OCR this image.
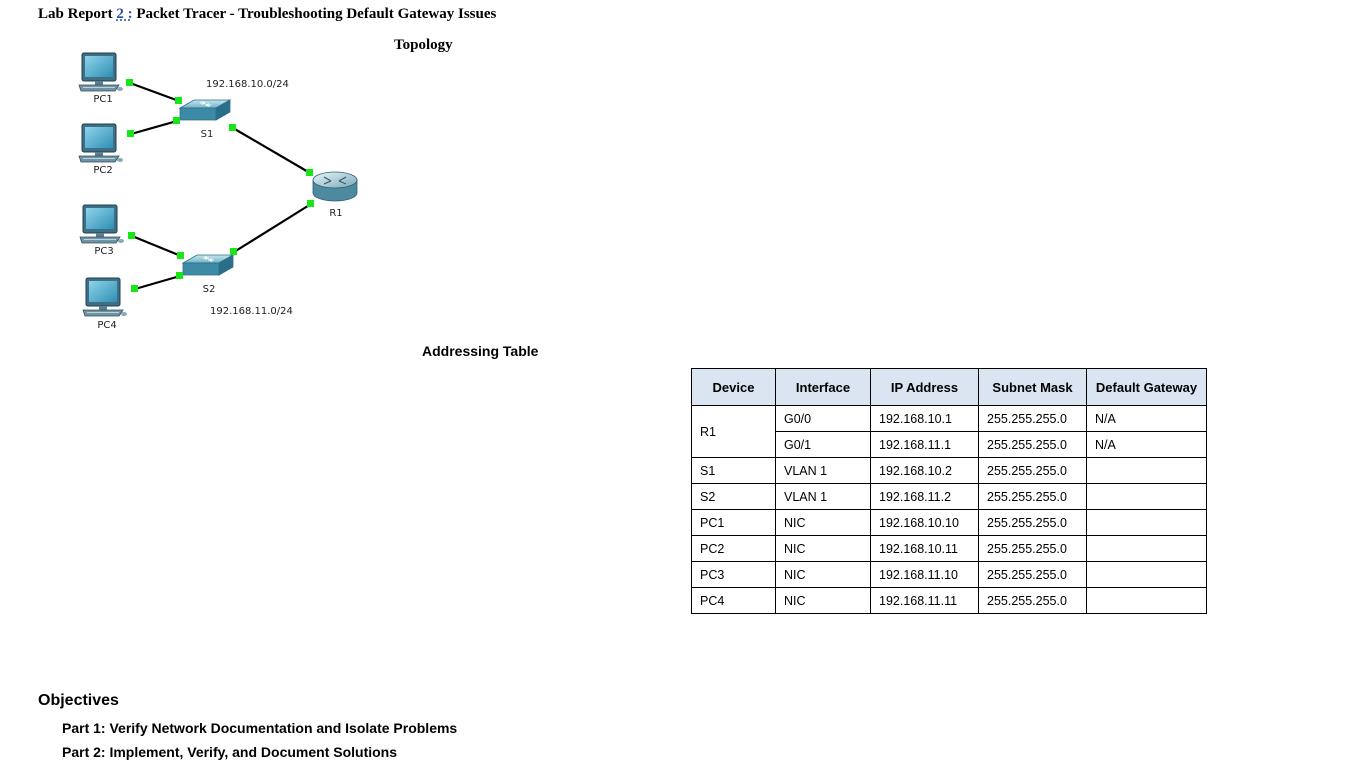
Lab Report 2 : Packet Tracer - Troubleshooting Default Gateway Issues
Topology
PC1
PC2
PC3
PC4
S1
S2
R1
192.168.10.0/24
192.168.11.0/24
Addressing Table
Device	Interface	IP Address	Subnet Mask	Default Gateway
R1	G0/0	192.168.10.1	255.255.255.0	N/A
	G0/1	192.168.11.1	255.255.255.0	N/A
S1	VLAN 1	192.168.10.2	255.255.255.0	
S2	VLAN 1	192.168.11.2	255.255.255.0	
PC1	NIC	192.168.10.10	255.255.255.0	
PC2	NIC	192.168.10.11	255.255.255.0	
PC3	NIC	192.168.11.10	255.255.255.0	
PC4	NIC	192.168.11.11	255.255.255.0	
Objectives
Part 1: Verify Network Documentation and Isolate Problems
Part 2: Implement, Verify, and Document Solutions
